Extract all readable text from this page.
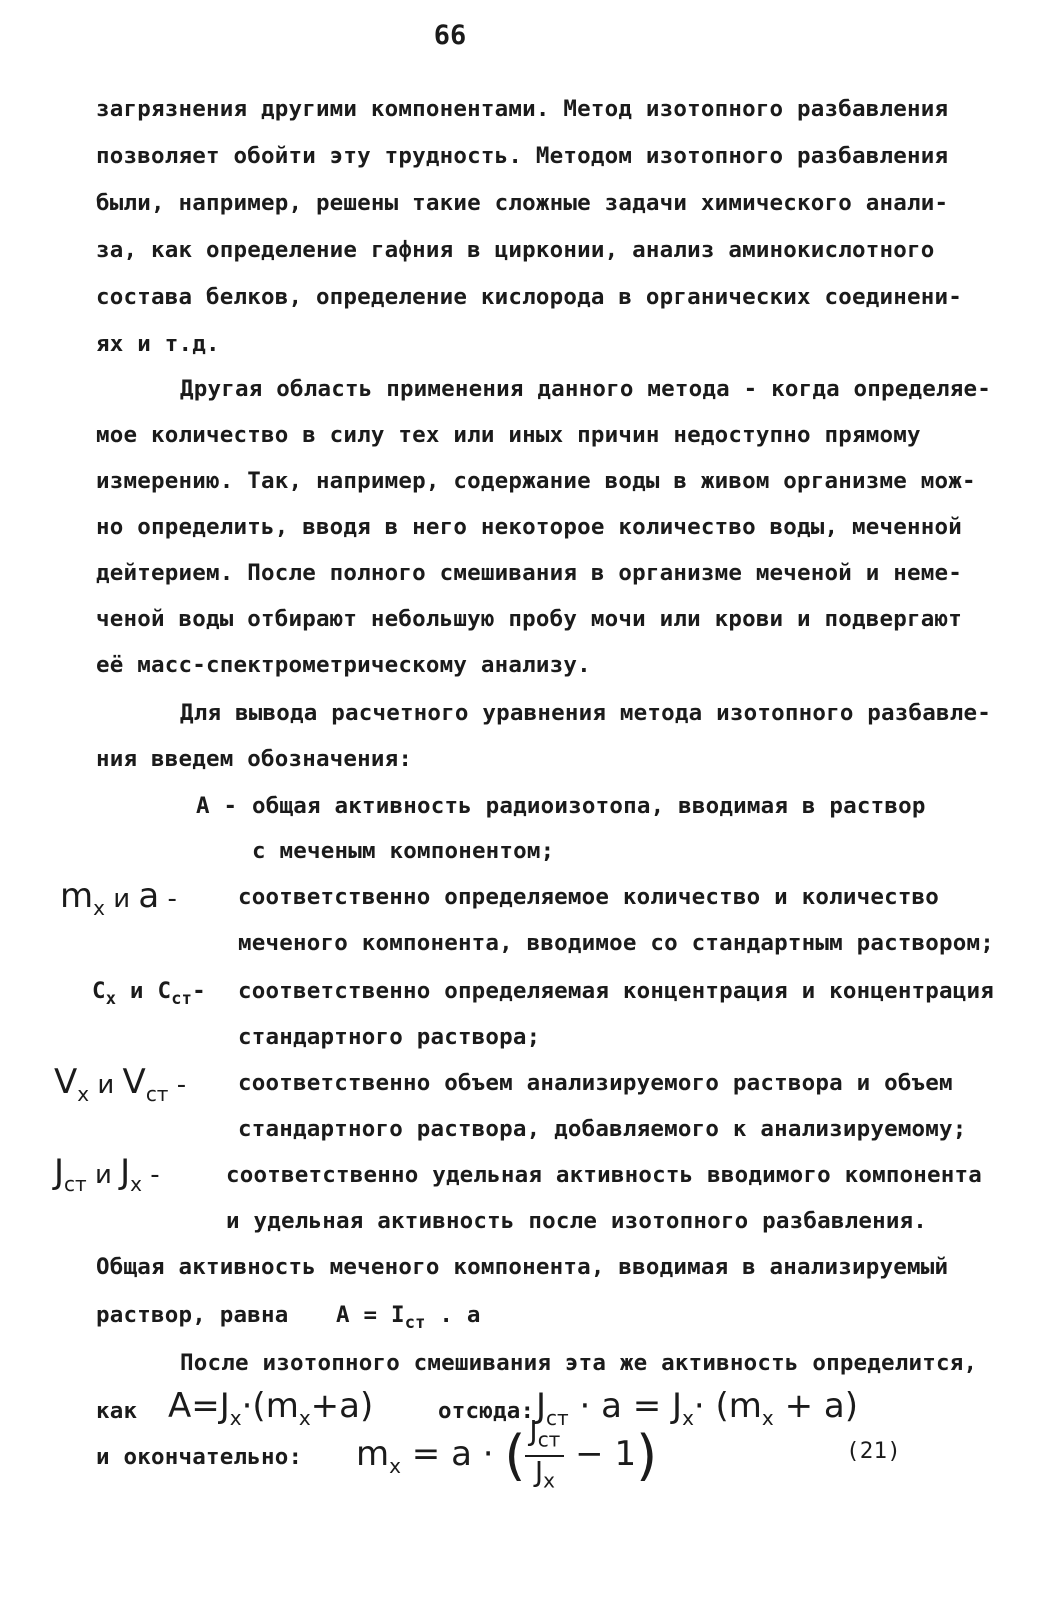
66
загрязнения другими компонентами. Метод изотопного разбавления
позволяет обойти эту трудность. Методом изотопного разбавления
были, например, решены такие сложные задачи химического анали-
за, как определение гафния в цирконии, анализ аминокислотного
состава белков, определение кислорода в органических соединени-
ях и т.д.
Другая область применения данного метода - когда определяе-
мое количество в силу тех или иных причин недоступно прямому
измерению. Так, например, содержание воды в живом организме мож-
но определить, вводя в него некоторое количество воды, меченной
дейтерием. После полного смешивания в организме меченой и неме-
ченой воды отбирают небольшую пробу мочи или крови и подвергают
её масс-спектрометрическому анализу.
Для вывода расчетного уравнения метода изотопного разбавле-
ния введем обозначения:
A - общая активность радиоизотопа, вводимая в раствор
с меченым компонентом;
$m_x$ и a -	соответственно определяемое количество и количество
меченого компонента, вводимое со стандартным раствором;
$C_x$ и $C_{ст}-$ соответственно определяемая концентрация и концентрация
стандартного раствора;
$V_x$ и $V_{ст}$ - соответственно объем анализируемого раствора и объем
стандартного раствора, добавляемого к анализируемому;
$J_{ст}$ и $J_x$ -	соответственно удельная активность вводимого компонента
и удельная активность после изотопного разбавления.
Общая активность меченого компонента, вводимая в анализируемый
раствор, равна $A = I_{ст}$ . a
После изотопного смешивания эта же активность определится,
как $A=J_x\cdot(m_x+a)$	отсюда: $J_{ст} \cdot a = J_x\cdot (m_x + a)$
и окончательно: $m_x = a$ · ( $\frac{J_{ст}}{J_x} - 1$)	(21)
